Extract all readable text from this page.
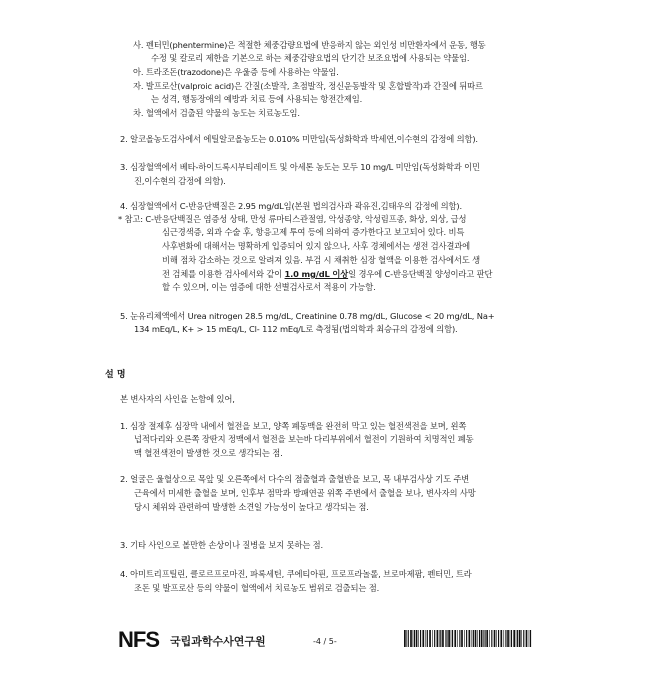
사. 펜터민(phentermine)은 적절한 체중감량요법에 반응하지 않는 외인성 비만환자에서 운동, 행동
수정 및 칼로리 제한을 기본으로 하는 체중감량요법의 단기간 보조요법에 사용되는 약물임.
아. 트라조돈(trazodone)은 우울증 등에 사용하는 약물임.
자. 발프로산(valproic acid)은 간질(소발작, 초점발작, 정신운동발작 및 혼합발작)과 간질에 뒤따르
는 성격, 행동장애의 예방과 치료 등에 사용되는 항전간제임.
차. 혈액에서 검출된 약물의 농도는 치료농도임.
2. 알코올농도검사에서 에틸알코올농도는 0.010% 미만임(독성화학과 박세연,이수현의 감정에 의함).
3. 심장혈액에서 베타-하이드록시부티레이트 및 아세톤 농도는 모두 10 mg/L 미만임(독성화학과 이민
진,이수현의 감정에 의함).
4. 심장혈액에서 C-반응단백질은 2.95 mg/dL임(본원 법의검사과 곽유진,김태우의 감정에 의함).
* 참고: C-반응단백질은 염증성 상태, 만성 류마티스관절염, 악성종양, 악성림프종, 화상, 외상, 급성
심근경색증, 외과 수술 후, 항응고제 투여 등에 의하여 증가한다고 보고되어 있다. 비특
사후변화에 대해서는 명확하게 입증되어 있지 않으나, 사후 경체에서는 생전 검사결과에
비해 점차 감소하는 것으로 알려져 있음. 부검 시 채취한 심장 혈액을 이용한 검사에서도 생
전 검체를 이용한 검사에서와 같이 1.0 mg/dL 이상일 경우에 C-반응단백질 양성이라고 판단
할 수 있으며, 이는 염증에 대한 선별검사로서 적용이 가능함.
5. 눈유리체액에서 Urea nitrogen 28.5 mg/dL, Creatinine 0.78 mg/dL, Glucose < 20 mg/dL, Na+
134 mEq/L, K+ > 15 mEq/L, Cl- 112 mEq/L로 측정됨(법의학과 최승규의 감정에 의함).
설 명
본 변사자의 사인을 논함에 있어,
1. 심장 절제후 심장막 내에서 혈전을 보고, 양쪽 폐동맥을 완전히 막고 있는 혈전색전을 보며, 왼쪽
넙적다리와 오른쪽 장딴지 정맥에서 혈전을 보는바 다리부위에서 혈전이 기원하여 치명적인 폐동
맥 혈전색전이 발생한 것으로 생각되는 점.
2. 얼굴은 울혈상으로 목앞 및 오른쪽에서 다수의 점출혈과 출혈반을 보고, 목 내부검사상 기도 주변
근육에서 미세한 출혈을 보며, 인후부 점막과 방패연골 위쪽 주변에서 출혈을 보나, 변사자의 사망
당시 체위와 관련하여 발생한 소견일 가능성이 높다고 생각되는 점.
3. 기타 사인으로 볼만한 손상이나 질병을 보지 못하는 점.
4. 아미트리프틸린, 클로르프로마진, 파록세틴, 쿠에티아핀, 프로프라놀롤, 브로마제팜, 펜터민, 트라
조돈 및 발프로산 등의 약물이 혈액에서 치료농도 범위로 검출되는 점.
NFS 국립과학수사연구원	-4 / 5-
